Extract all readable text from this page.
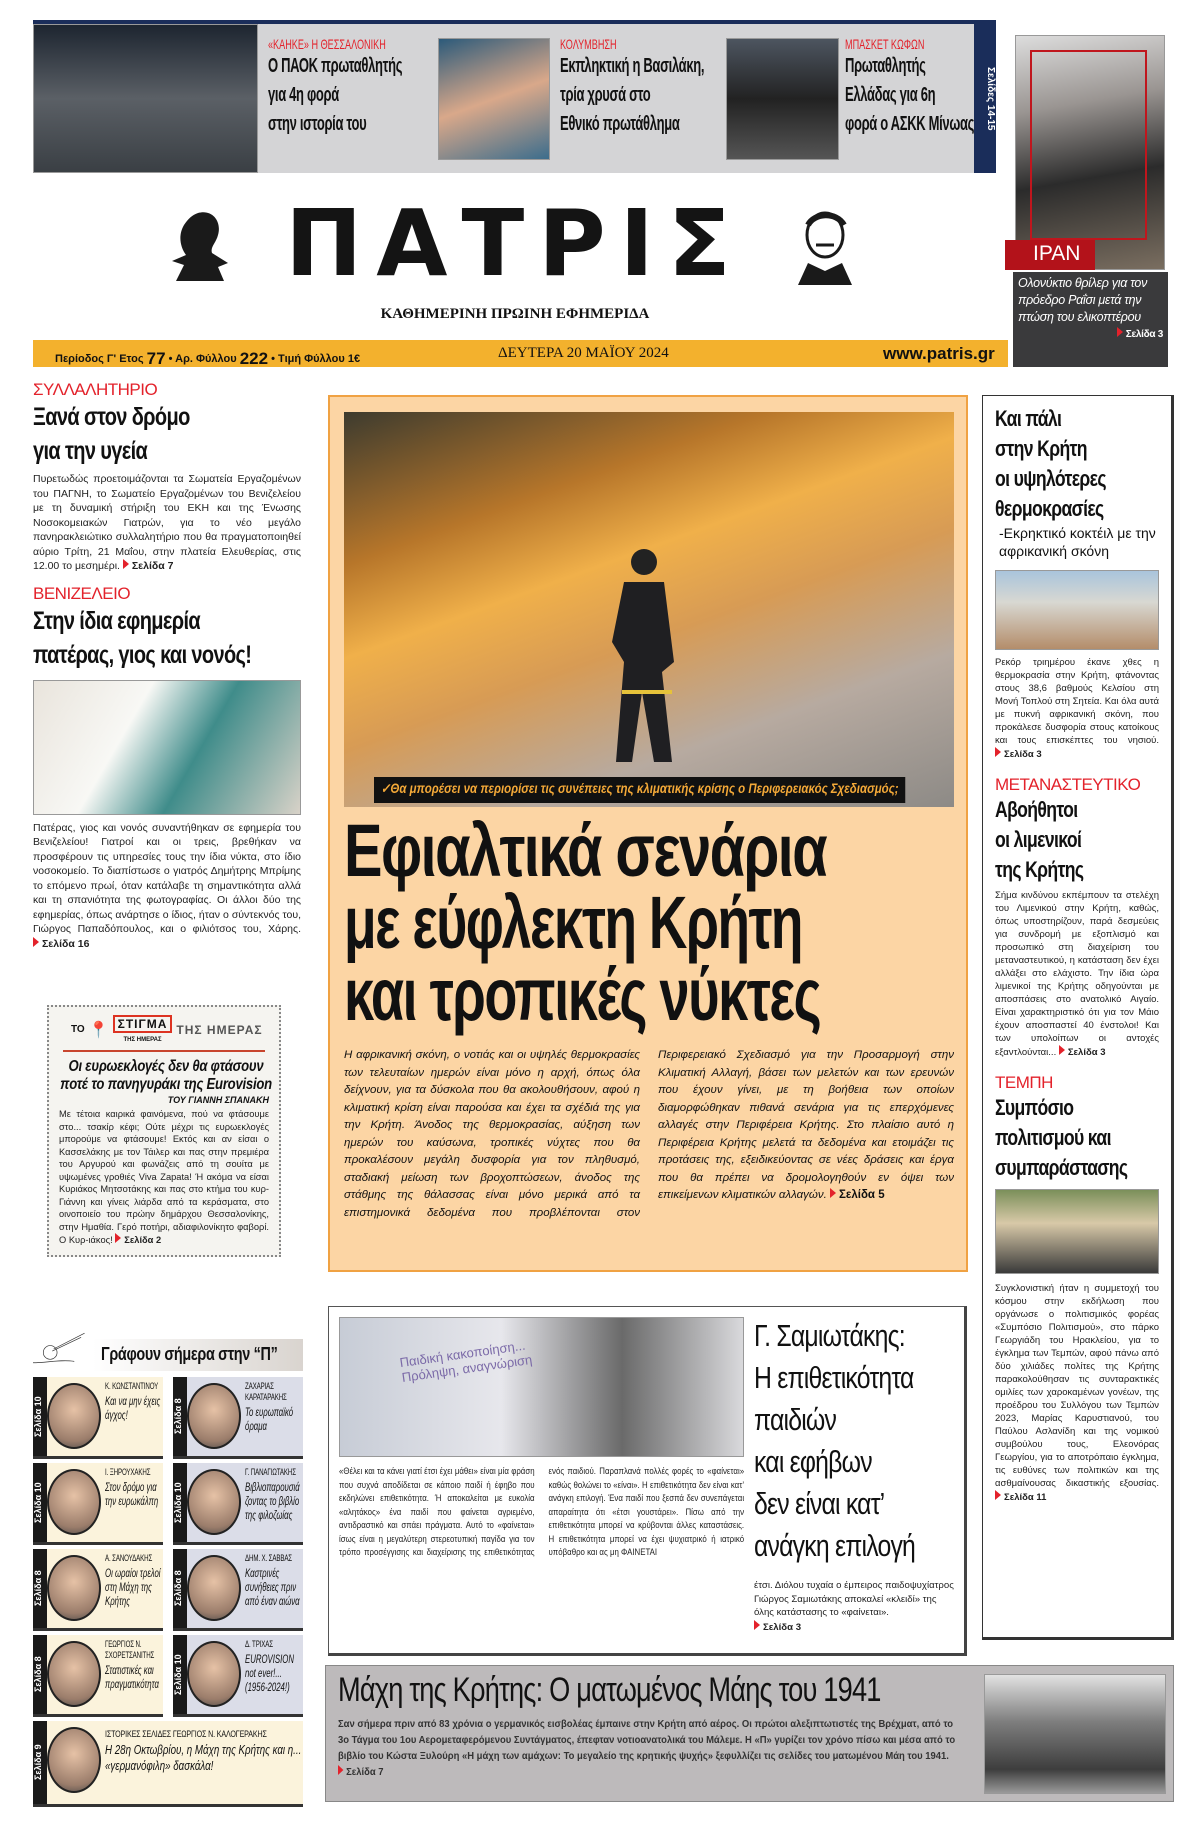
«ΚΑΗΚΕ» Η ΘΕΣΣΑΛΟΝΙΚΗ
Ο ΠΑΟΚ πρωταθλητής
για 4η φορά
στην ιστορία του
ΚΟΛΥΜΒΗΣΗ
Εκπληκτική η Βασιλάκη,
τρία χρυσά στο
Εθνικό πρωτάθλημα
ΜΠΑΣΚΕΤ ΚΩΦΩΝ
Πρωταθλητής
Ελλάδας για 6η
φορά ο ΑΣΚΚ Μίνωας	Σελίδες 14-15
ΙΡΑΝ
Ολονύκτιο θρίλερ για τον πρόεδρο Ραΐσι μετά την πτώση του ελικοπτέρου
Σελίδα 3
ΠΑΤΡΙΣ
ΚΑΘΗΜΕΡΙΝΗ ΠΡΩΙΝΗ ΕΦΗΜΕΡΙΔΑ
Περίοδος Γ' Ετος 77 • Αρ. Φύλλου 222 • Τιμή Φύλλου 1€	ΔΕΥΤΕΡΑ 20 ΜΑΪΟΥ 2024	www.patris.gr
ΣΥΛΛΑΛΗΤΗΡΙΟ
Ξανά στον δρόμο
για την υγεία
Πυρετωδώς προετοιμάζονται τα Σωματεία Εργαζομένων του ΠΑΓΝΗ, το Σωματείο Εργαζομένων του Βενιζελείου με τη δυναμική στήριξη του ΕΚΗ και της Ένωσης Νοσοκομειακών Γιατρών, για το νέο μεγάλο πανηρακλειώτικο συλλαλητήριο που θα πραγματοποιηθεί αύριο Τρίτη, 21 Μαΐου, στην πλατεία Ελευθερίας, στις 12.00 το μεσημέρι. Σελίδα 7
ΒΕΝΙΖΕΛΕΙΟ
Στην ίδια εφημερία
πατέρας, γιος και νονός!
Πατέρας, γιος και νονός συναντήθηκαν σε εφημερία του Βενιζελείου! Γιατροί και οι τρεις, βρεθήκαν να προσφέρουν τις υπηρεσίες τους την ίδια νύκτα, στο ίδιο νοσοκομείο. Το διαπίστωσε ο γιατρός Δημήτρης Μπρίμης το επόμενο πρωί, όταν κατάλαβε τη σημαντικότητα αλλά και τη σπανιότητα της φωτογραφίας. Οι άλλοι δύο της εφημερίας, όπως ανάρτησε ο ίδιος, ήταν ο σύντεκνός του, Γιώργος Παπαδόπουλος, και ο φιλιότσος του, Χάρης. Σελίδα 16
ΤΟ 📍 ΣΤΙΓΜΑ
ΤΗΣ ΗΜΕΡΑΣ
ΤΗΣ ΗΜΕΡΑΣ
Οι ευρωεκλογές δεν θα φτάσουν ποτέ το πανηγυράκι της Eurovision
ΤΟΥ ΓΙΑΝΝΗ ΣΠΑΝΑΚΗ
Με τέτοια καιρικά φαινόμενα, πού να φτάσουμε στο... τσακίρ κέφι; Ούτε μέχρι τις ευρωεκλογές μπορούμε να φτάσουμε! Εκτός και αν είσαι ο Κασσελάκης με τον Τάιλερ και πας στην πρεμιέρα του Αργυρού και φωνάζεις από τη σουίτα με υψωμένες γροθιές Viva Zapata! Ή ακόμα να είσαι Κυριάκος Μητσοτάκης και πας στο κτήμα του κυρ-Γιάννη και γίνεις λιάρδα από τα κεράσματα, στο οινοποιείο του πρώην δημάρχου Θεσσαλονίκης, στην Ημαθία. Γερό ποτήρι, αδιαφιλονίκητο φαβορί. Ο Κυρ-ιάκος! Σελίδα 2
Γράφουν σήμερα στην “Π”
Σελίδα 10
Κ. ΚΩΝΣΤΑΝΤΙΝΟΥ
Και να μην έχεις άγχος!	Σελίδα 8
ΖΑΧΑΡΙΑΣ ΚΑΡΑΤΑΡΑΚΗΣ
Το ευρωπαϊκό όραμα
Σελίδα 10
Ι. ΞΗΡΟΥΧΑΚΗΣ
Στον δρόμο για την ευρωκάλπη	Σελίδα 10
Γ. ΠΑΝΑΓΙΩΤΑΚΗΣ
Βιβλιοπαρουσιάζοντας το βιβλίο της φιλοζωίας
Σελίδα 8
Α. ΣΑΝΟΥΔΑΚΗΣ
Οι ωραίοι τρελοί στη Μάχη της Κρήτης	Σελίδα 8
ΔΗΜ. Χ. ΣΑΒΒΑΣ
Καστρινές συνήθειες πριν από έναν αιώνα
Σελίδα 8
ΓΕΩΡΓΙΟΣ Ν. ΣΧΟΡΕΤΣΑΝΙΤΗΣ
Στατιστικές και πραγματικότητα	Σελίδα 10
Δ. ΤΡΙΧΑΣ
EUROVISION not ever!... (1956-2024!)
Σελίδα 9
ΙΣΤΟΡΙΚΕΣ ΣΕΛΙΔΕΣ ΓΕΩΡΓΙΟΣ Ν. ΚΑΛΟΓΕΡΑΚΗΣ
Η 28η Οκτωβρίου, η Μάχη της Κρήτης και η... «γερμανόφιλη» δασκάλα!
✓Θα μπορέσει να περιορίσει τις συνέπειες της κλιματικής κρίσης ο Περιφερειακός Σχεδιασμός;
Εφιαλτικά σενάρια
με εύφλεκτη Κρήτη
και τροπικές νύκτες
Η αφρικανική σκόνη, ο νοτιάς και οι υψηλές θερμοκρασίες των τελευταίων ημερών είναι μόνο η αρχή, όπως όλα δείχνουν, για τα δύσκολα που θα ακολουθήσουν, αφού η κλιματική κρίση είναι παρούσα και έχει τα σχέδιά της για την Κρήτη. Άνοδος της θερμοκρασίας, αύξηση των ημερών του καύσωνα, τροπικές νύχτες που θα προκαλέσουν μεγάλη δυσφορία για τον πληθυσμό, σταδιακή μείωση των βροχοπτώσεων, άνοδος της στάθμης της θάλασσας είναι μόνο μερικά από τα επιστημονικά δεδομένα που προβλέπονται στον Περιφερειακό Σχεδιασμό για την Προσαρμογή στην Κλιματική Αλλαγή, βάσει των μελετών και των ερευνών που έχουν γίνει, με τη βοήθεια των οποίων διαμορφώθηκαν πιθανά σενάρια για τις επερχόμενες αλλαγές στην Περιφέρεια Κρήτης. Στο πλαίσιο αυτό η Περιφέρεια Κρήτης μελετά τα δεδομένα και ετοιμάζει τις προτάσεις της, εξειδικεύοντας σε νέες δράσεις και έργα που θα πρέπει να δρομολογηθούν εν όψει των επικείμενων κλιματικών αλλαγών. Σελίδα 5
Και πάλι
στην Κρήτη
οι υψηλότερες
θερμοκρασίες
-Εκρηκτικό κοκτέιλ με την αφρικανική σκόνη
Ρεκόρ τριημέρου έκανε χθες η θερμοκρασία στην Κρήτη, φτάνοντας στους 38,6 βαθμούς Κελσίου στη Μονή Τοπλού στη Σητεία. Και όλα αυτά με πυκνή αφρικανική σκόνη, που προκάλεσε δυσφορία στους κατοίκους και τους επισκέπτες του νησιού. Σελίδα 3
ΜΕΤΑΝΑΣΤΕΥΤΙΚΟ
Αβοήθητοι
οι λιμενικοί
της Κρήτης
Σήμα κινδύνου εκπέμπουν τα στελέχη του Λιμενικού στην Κρήτη, καθώς, όπως υποστηρίζουν, παρά δεσμεύεις για συνδρομή με εξοπλισμό και προσωπικό στη διαχείριση του μεταναστευτικού, η κατάσταση δεν έχει αλλάξει στο ελάχιστο. Την ίδια ώρα λιμενικοί της Κρήτης οδηγούνται με αποσπάσεις στο ανατολικό Αιγαίο. Είναι χαρακτηριστικό ότι για τον Μάιο έχουν αποσπαστεί 40 ένστολοι! Και των υπολοίπων οι αντοχές εξαντλούνται... Σελίδα 3
ΤΕΜΠΗ
Συμπόσιο
πολιτισμού και
συμπαράστασης
Συγκλονιστική ήταν η συμμετοχή του κόσμου στην εκδήλωση που οργάνωσε ο πολιτισμικός φορέας «Συμπόσιο Πολιτισμού», στο πάρκο Γεωργιάδη του Ηρακλείου, για το έγκλημα των Τεμπών, αφού πάνω από δύο χιλιάδες πολίτες της Κρήτης παρακολούθησαν τις συνταρακτικές ομιλίες των χαροκαμένων γονέων, της προέδρου του Συλλόγου των Τεμπών 2023, Μαρίας Καρυστιανού, του Παύλου Ασλανίδη και της νομικού συμβούλου τους, Ελεονόρας Γεωργίου, για το αποτρόπαιο έγκλημα, τις ευθύνες των πολιτικών και της ασθμαίνουσας δικαστικής εξουσίας. Σελίδα 11
Παιδική κακοποίηση... Πρόληψη, αναγνώριση
Γ. Σαμιωτάκης:
Η επιθετικότητα
παιδιών
και εφήβων
δεν είναι κατ’
ανάγκη επιλογή
«Θέλει και τα κάνει γιατί έτσι έχει μάθει» είναι μία φράση που συχνά αποδίδεται σε κάποιο παιδί ή έφηβο που εκδηλώνει επιθετικότητα. Ή αποκαλείται με ευκολία «αλητάκος» ένα παιδί που φαίνεται αγριεμένο, αντιδραστικό και σπάει πράγματα. Αυτό το «φαίνεται» ίσως είναι η μεγαλύτερη στερεοτυπική παγίδα για τον τρόπο προσέγγισης και διαχείρισης της επιθετικότητας ενός παιδιού. Παραπλανά πολλές φορές το «φαίνεται» καθώς θολώνει το «είναι». Η επιθετικότητα δεν είναι κατ’ ανάγκη επιλογή. Ένα παιδί που ξεσπά δεν συνεπάγεται απαραίτητα ότι «έτσι γουστάρει». Πίσω από την επιθετικότητα μπορεί να κρύβονται άλλες καταστάσεις. Η επιθετικότητα μπορεί να έχει ψυχιατρικό ή ιατρικό υπόβαθρο και ας μη ΦΑΙΝΕΤΑΙ
έτσι. Διόλου τυχαία ο έμπειρος παιδοψυχίατρος Γιώργος Σαμιωτάκης αποκαλεί «κλειδί» της όλης κατάστασης το «φαίνεται».
Σελίδα 3
Μάχη της Κρήτης: Ο ματωμένος Μάης του 1941
Σαν σήμερα πριν από 83 χρόνια ο γερμανικός εισβολέας έμπαινε στην Κρήτη από αέρος. Οι πρώτοι αλεξιπτωτιστές της Βρέχματ, από το 3ο Τάγμα του 1ου Αερομεταφερόμενου Συντάγματος, έπεφταν νοτιοανατολικά του Μάλεμε. Η «Π» γυρίζει τον χρόνο πίσω και μέσα από το βιβλίο του Κώστα Ξυλούρη «Η μάχη των αμάχων: Το μεγαλείο της κρητικής ψυχής» ξεφυλλίζει τις σελίδες του ματωμένου Μάη του 1941. Σελίδα 7
